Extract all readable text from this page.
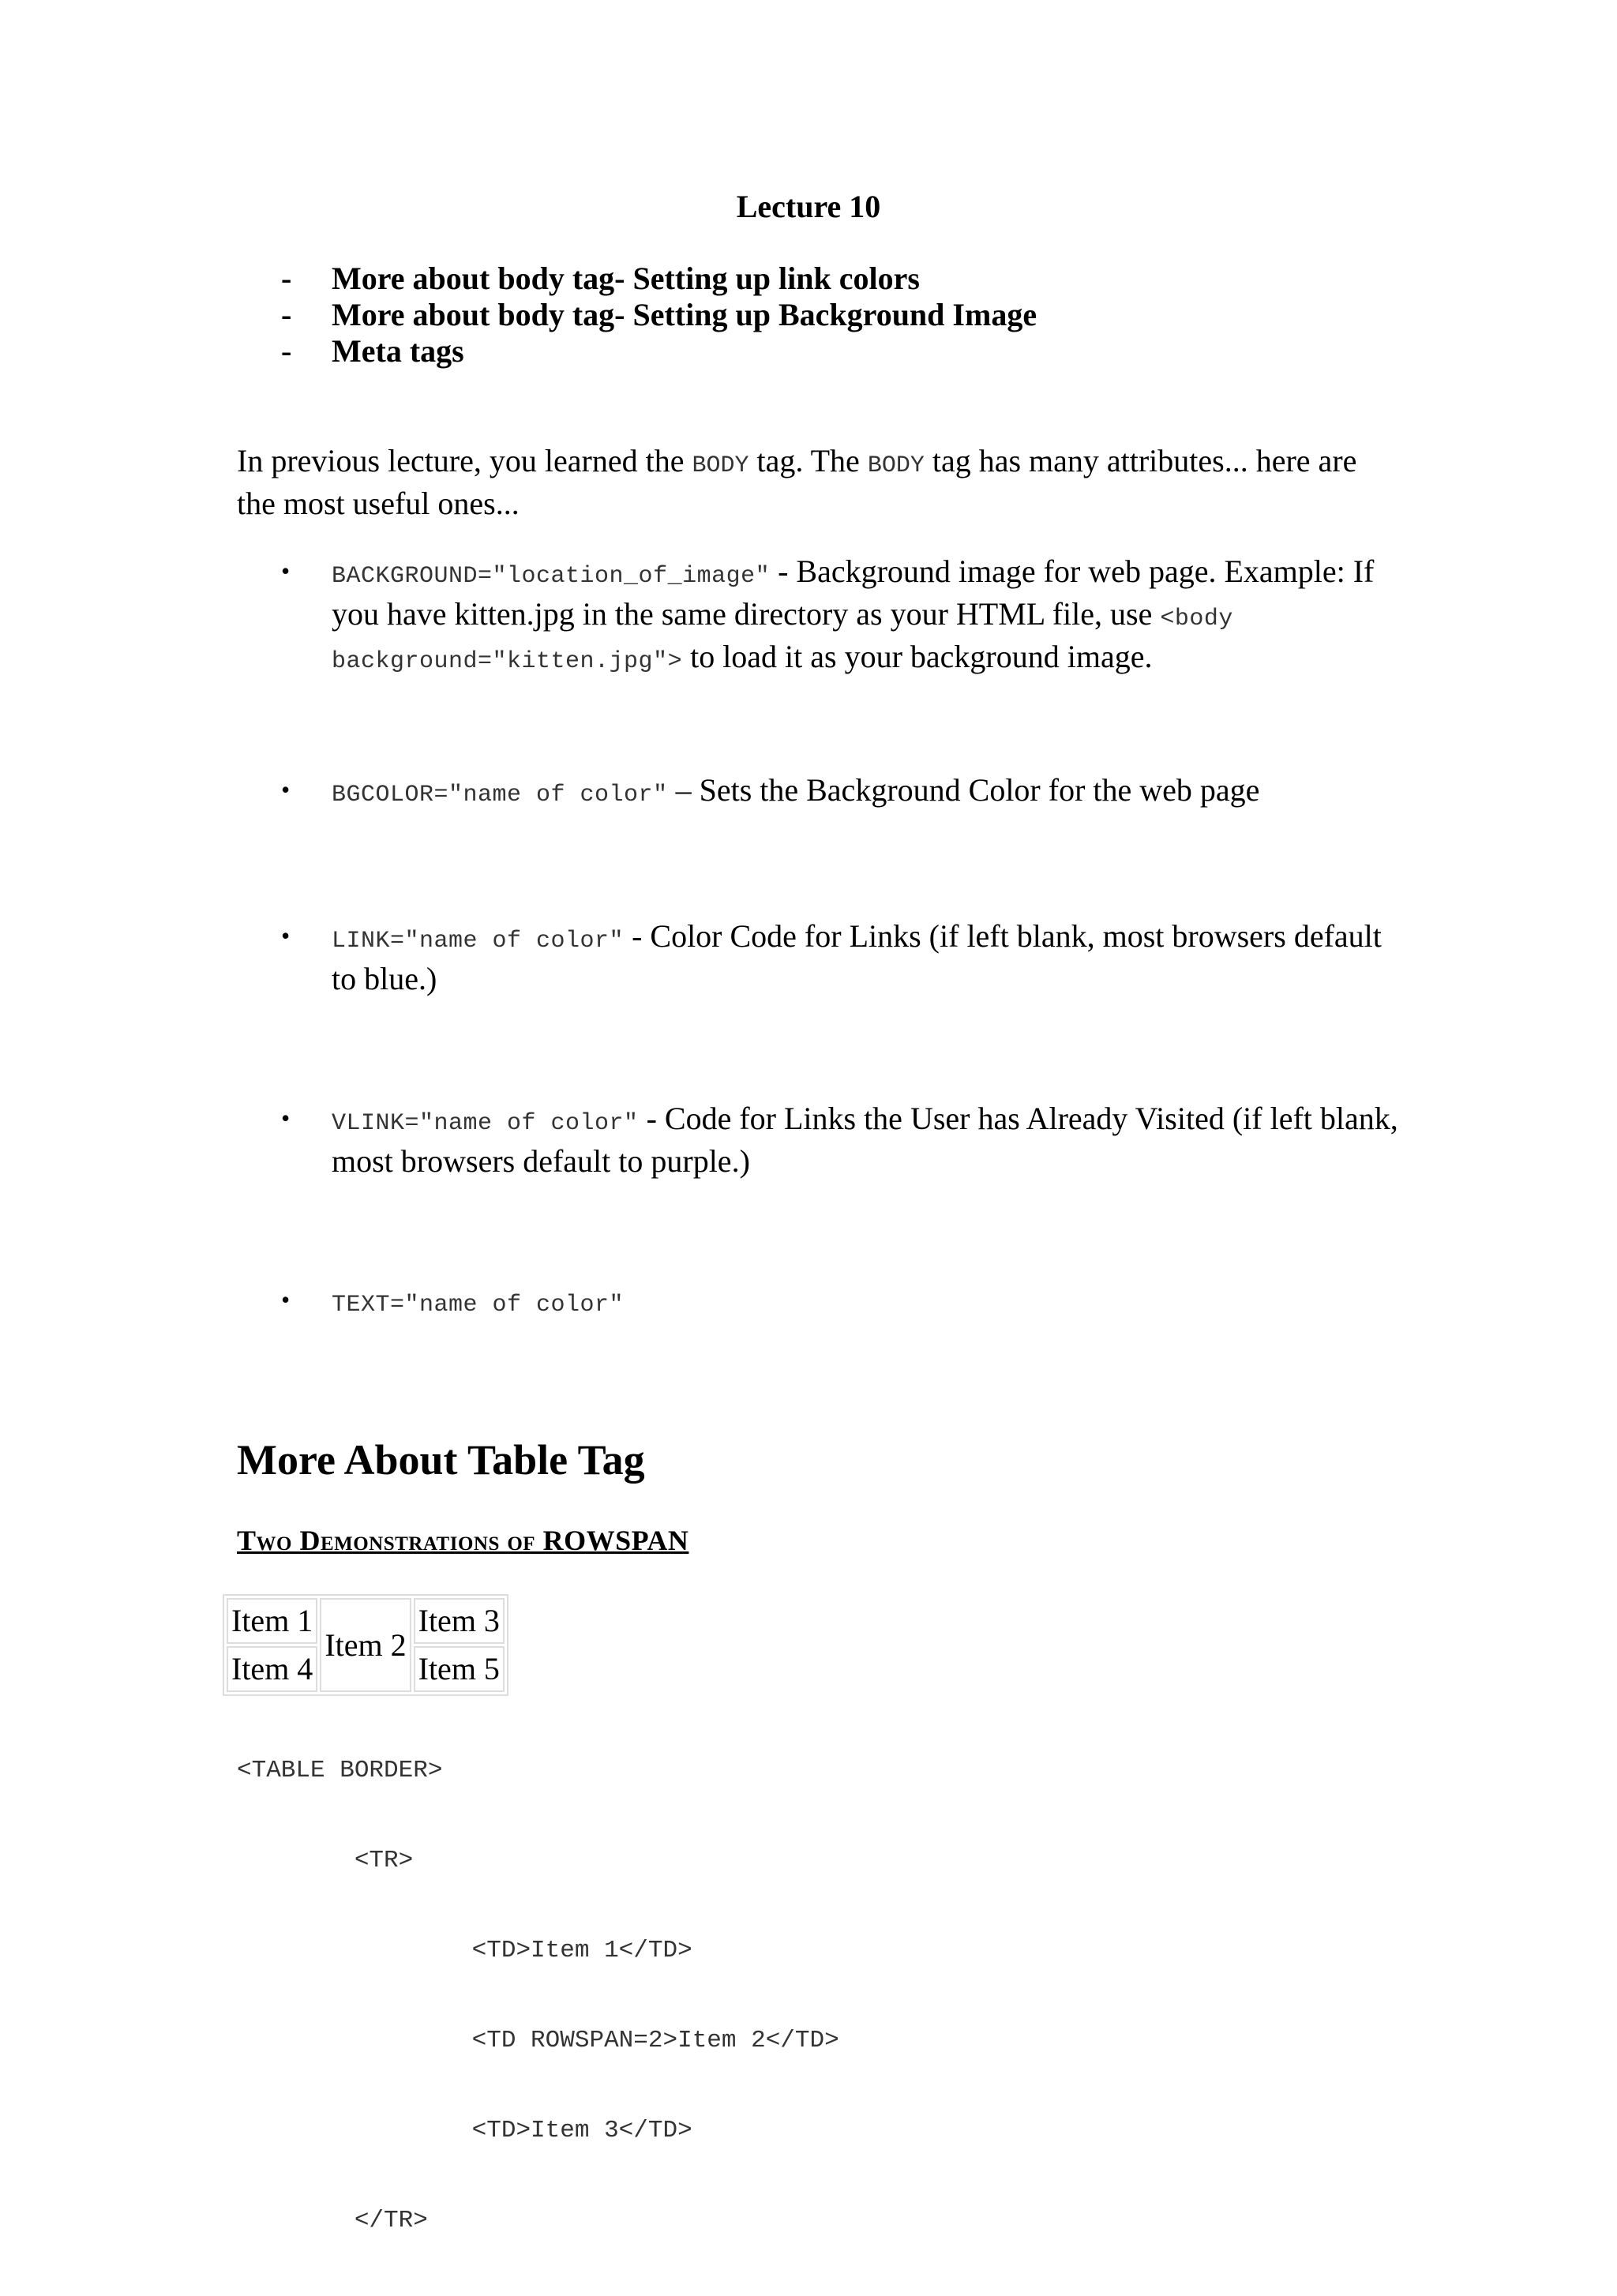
Lecture 10
-	More about body tag- Setting up link colors
-	More about body tag- Setting up Background Image
-	Meta tags
In previous lecture, you learned the BODY tag. The BODY tag has many attributes... here are the most useful ones...
•	BACKGROUND="location_of_image" - Background image for web page. Example: If you have kitten.jpg in the same directory as your HTML file, use <body background="kitten.jpg"> to load it as your background image.
•	BGCOLOR="name of color" – Sets the Background Color for the web page
•	LINK="name of color" - Color Code for Links (if left blank, most browsers default to blue.)
•	VLINK="name of color" - Code for Links the User has Already Visited (if left blank, most browsers default to purple.)
•	TEXT="name of color"
More About Table Tag
Two Demonstrations of ROWSPAN
Item 1	Item 2	Item 3
Item 4		Item 5

<TABLE BORDER>

<TR>

<TD>Item 1</TD>

<TD ROWSPAN=2>Item 2</TD>

<TD>Item 3</TD>

</TR>
